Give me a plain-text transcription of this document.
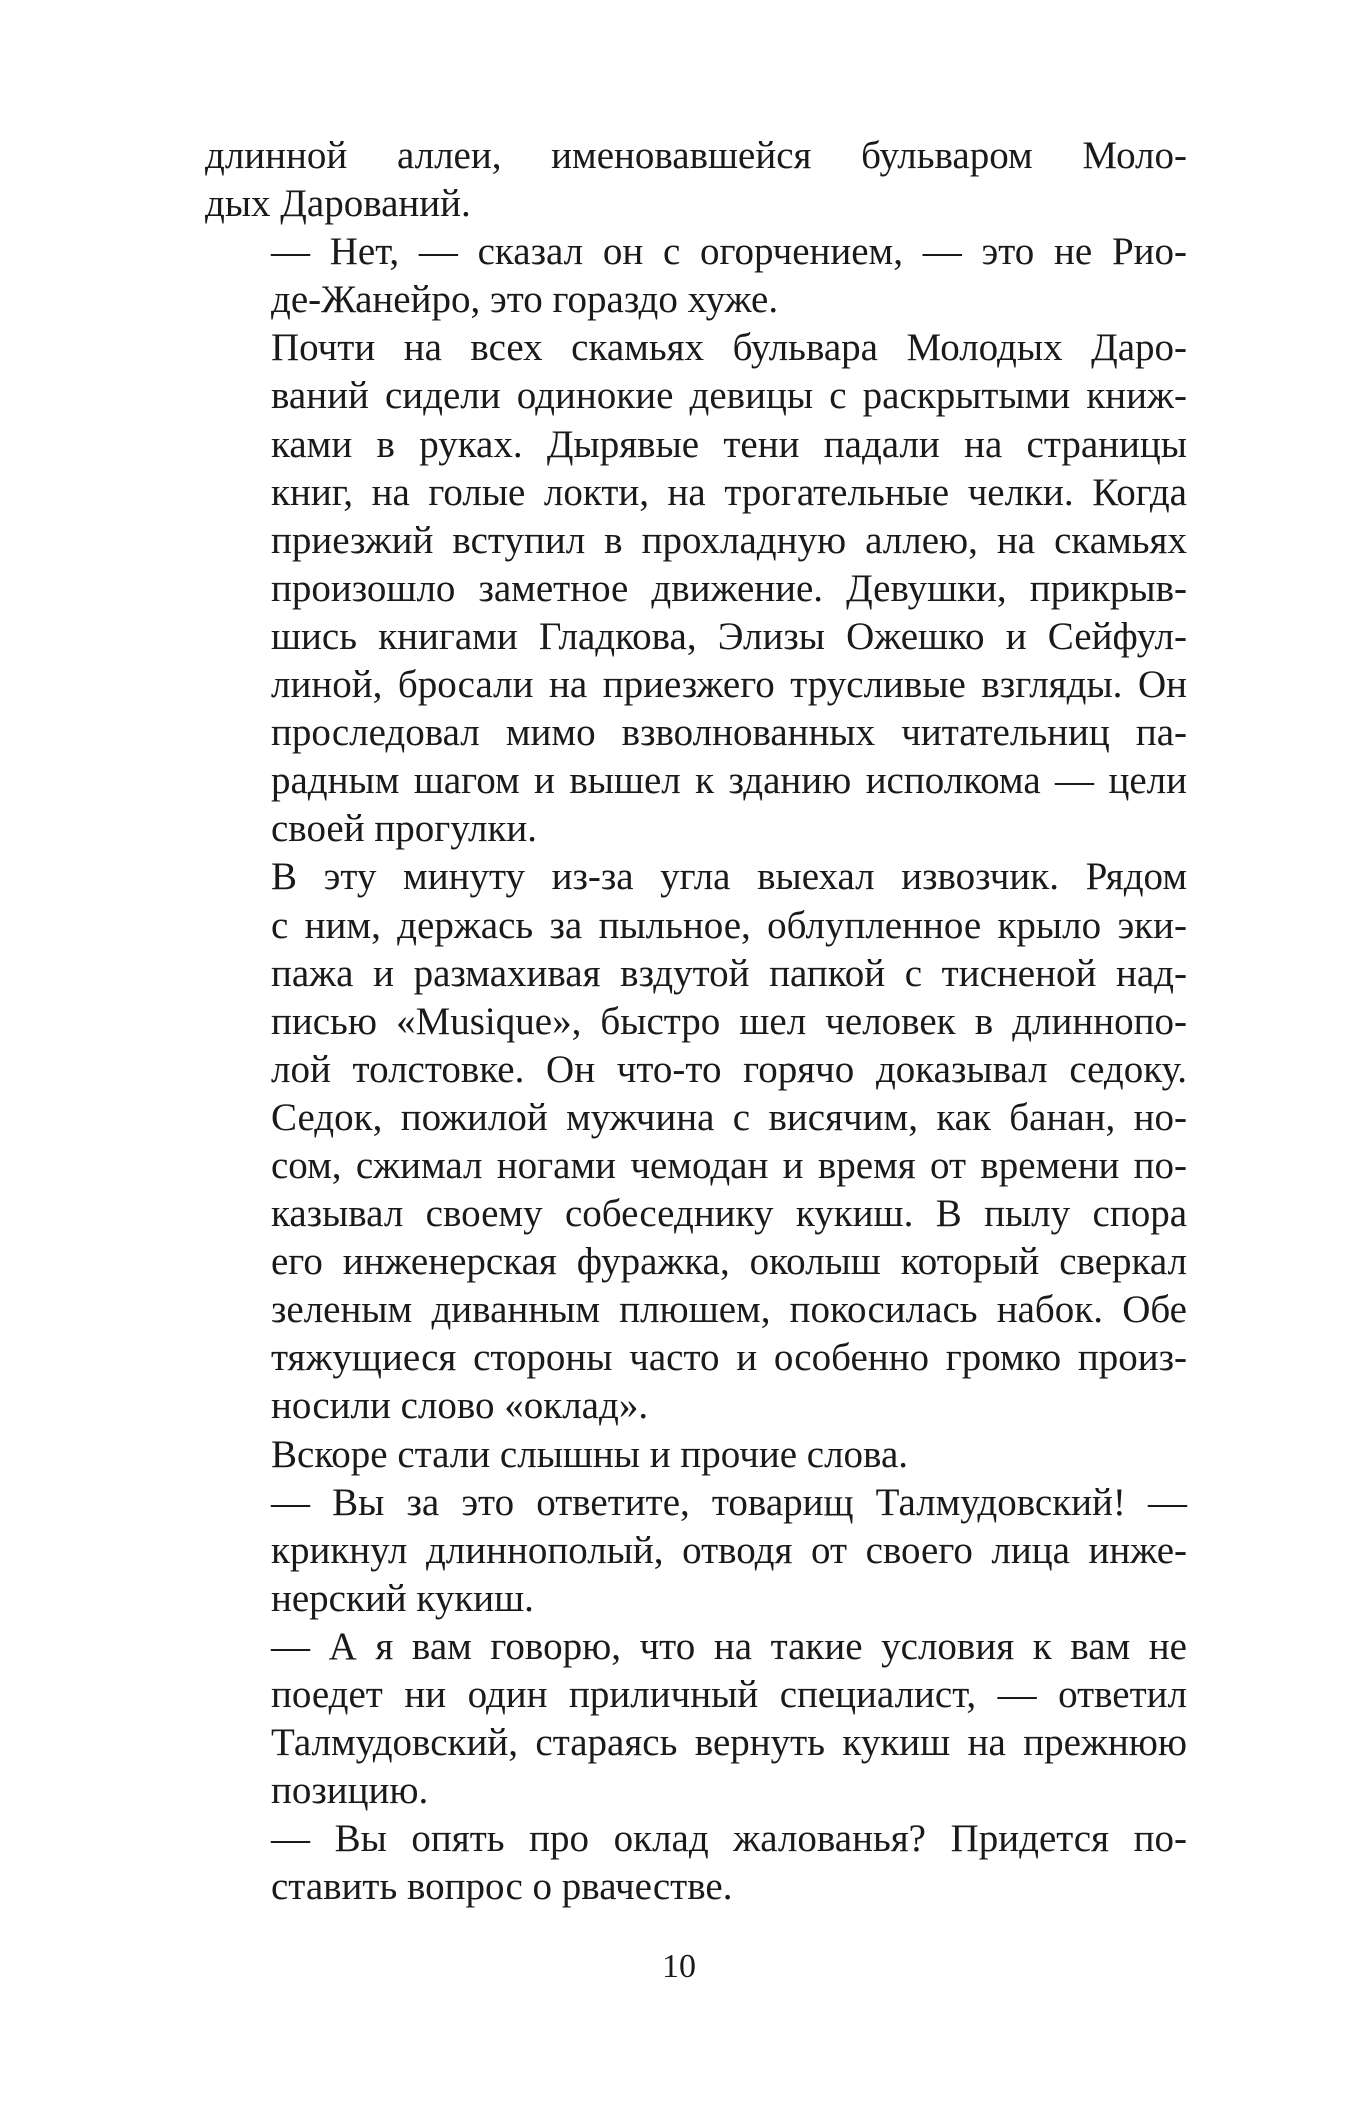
длинной аллеи, именовавшейся бульваром Моло-
дых Дарований.

— Нет, — сказал он с огорчением, — это не Рио-
де-Жанейро, это гораздо хуже.

Почти на всех скамьях бульвара Молодых Даро-
ваний сидели одинокие девицы с раскрытыми книж-
ками в руках. Дырявые тени падали на страницы
книг, на голые локти, на трогательные челки. Когда
приезжий вступил в прохладную аллею, на скамьях
произошло заметное движение. Девушки, прикрыв-
шись книгами Гладкова, Элизы Ожешко и Сейфул-
линой, бросали на приезжего трусливые взгляды. Он
проследовал мимо взволнованных читательниц па-
радным шагом и вышел к зданию исполкома — цели
своей прогулки.

В эту минуту из-за угла выехал извозчик. Рядом
с ним, держась за пыльное, облупленное крыло эки-
пажа и размахивая вздутой папкой с тисненой над-
писью «Musique», быстро шел человек в длиннопо-
лой толстовке. Он что-то горячо доказывал седоку.
Седок, пожилой мужчина с висячим, как банан, но-
сом, сжимал ногами чемодан и время от времени по-
казывал своему собеседнику кукиш. В пылу спора
его инженерская фуражка, околыш который сверкал
зеленым диванным плюшем, покосилась набок. Обе
тяжущиеся стороны часто и особенно громко произ-
носили слово «оклад».

Вскоре стали слышны и прочие слова.

— Вы за это ответите, товарищ Талмудовский! —
крикнул длиннополый, отводя от своего лица инже-
нерский кукиш.

— А я вам говорю, что на такие условия к вам не
поедет ни один приличный специалист, — ответил
Талмудовский, стараясь вернуть кукиш на прежнюю
позицию.

— Вы опять про оклад жалованья? Придется по-
ставить вопрос о рвачестве.

10
